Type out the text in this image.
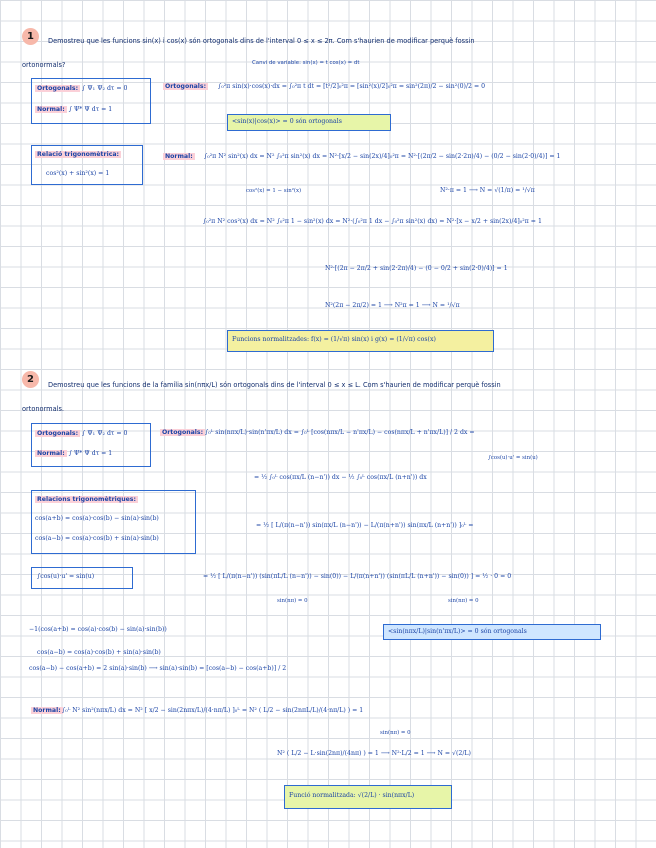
1	Demostreu que les funcions sin(x) i cos(x) són ortogonals dins de l'interval 0 ≤ x ≤ 2π. Com s'haurien de modificar perquè fossin
ortonormals?
Ortogonals: ∫ Ψ₁ Ψ₂ dτ = 0
Normal: ∫ Ψ* Ψ dτ = 1
Canvi de variable: sin(x) = t cos(x) = dt
Ortogonals:	∫₀²π sin(x)·cos(x)·dx = ∫₀²π t dt = [t²/2]₀²π = [sin²(x)/2]₀²π = sin²(2π)/2 − sin²(0)/2 = 0
<sin(x)|cos(x)> = 0 són ortogonals
Relació trigonomètrica:
cos²(x) + sin²(x) = 1
Normal:	∫₀²π N² sin²(x) dx = N² ∫₀²π sin²(x) dx = N²·[x/2 − sin(2x)/4]₀²π = N²·[(2π/2 − sin(2·2π)/4) − (0/2 − sin(2·0)/4)] = 1
N²·π = 1 ⟶ N = √(1/π) = ¹/√π
cos²(x) = 1 − sin²(x)
∫₀²π N² cos²(x) dx = N² ∫₀²π 1 − sin²(x) dx = N²·(∫₀²π 1 dx − ∫₀²π sin²(x) dx) = N²·[x − x/2 + sin(2x)/4]₀²π = 1
N²·[(2π − 2π/2 + sin(2·2π)/4) − (0 − 0/2 + sin(2·0)/4)] = 1
N²(2π − 2π/2) = 1 ⟶ N²π = 1 ⟶ N = ¹/√π
Funcions normalitzades: f(x) = (1/√π) sin(x) i g(x) = (1/√π) cos(x)
2	Demostreu que les funcions de la família sin(nπx/L) són ortogonals dins de l'interval 0 ≤ x ≤ L. Com s'haurien de modificar perquè fossin
ortonormals.
Ortogonals: ∫ Ψ₁ Ψ₂ dτ = 0
Normal: ∫ Ψ* Ψ dτ = 1
Ortogonals: ∫₀ᴸ sin(nπx/L)·sin(n'πx/L) dx = ∫₀ᴸ [cos(nπx/L − n'πx/L) − cos(nπx/L + n'πx/L)] / 2 dx =
∫cos(u)·u' = sin(u)
= ½ ∫₀ᴸ cos(πx/L (n−n')) dx − ½ ∫₀ᴸ cos(πx/L (n+n')) dx
Relacions trigonomètriques:
cos(a+b) = cos(a)·cos(b) − sin(a)·sin(b)
cos(a−b) = cos(a)·cos(b) + sin(a)·sin(b)
= ½ [ L/(π(n−n')) sin(πx/L (n−n')) − L/(π(n+n')) sin(πx/L (n+n')) ]₀ᴸ =
∫cos(u)·u' = sin(u)	= ½ [ L/(π(n−n')) (sin(πL/L (n−n')) − sin(0)) − L/(π(n+n')) (sin(πL/L (n+n')) − sin(0)) ] = ½ · 0 = 0
sin(nπ) = 0	sin(nπ) = 0
−1(cos(a+b) = cos(a)·cos(b) − sin(a)·sin(b))	<sin(nπx/L)|sin(n'πx/L)> = 0 són ortogonals
cos(a−b) = cos(a)·cos(b) + sin(a)·sin(b)
cos(a−b) − cos(a+b) = 2 sin(a)·sin(b) ⟶ sin(a)·sin(b) = [cos(a−b) − cos(a+b)] / 2
Normal: ∫₀ᴸ N² sin²(nπx/L) dx = N² [ x/2 − sin(2nπx/L)/(4·nπ/L) ]₀ᴸ = N² ( L/2 − sin(2nπL/L)/(4·nπ/L) ) = 1
sin(nπ) = 0
N² ( L/2 − L·sin(2nπ)/(4nπ) ) = 1 ⟶ N²·L/2 = 1 ⟶ N = √(2/L)
Funció normalitzada: √(2/L) · sin(nπx/L)
